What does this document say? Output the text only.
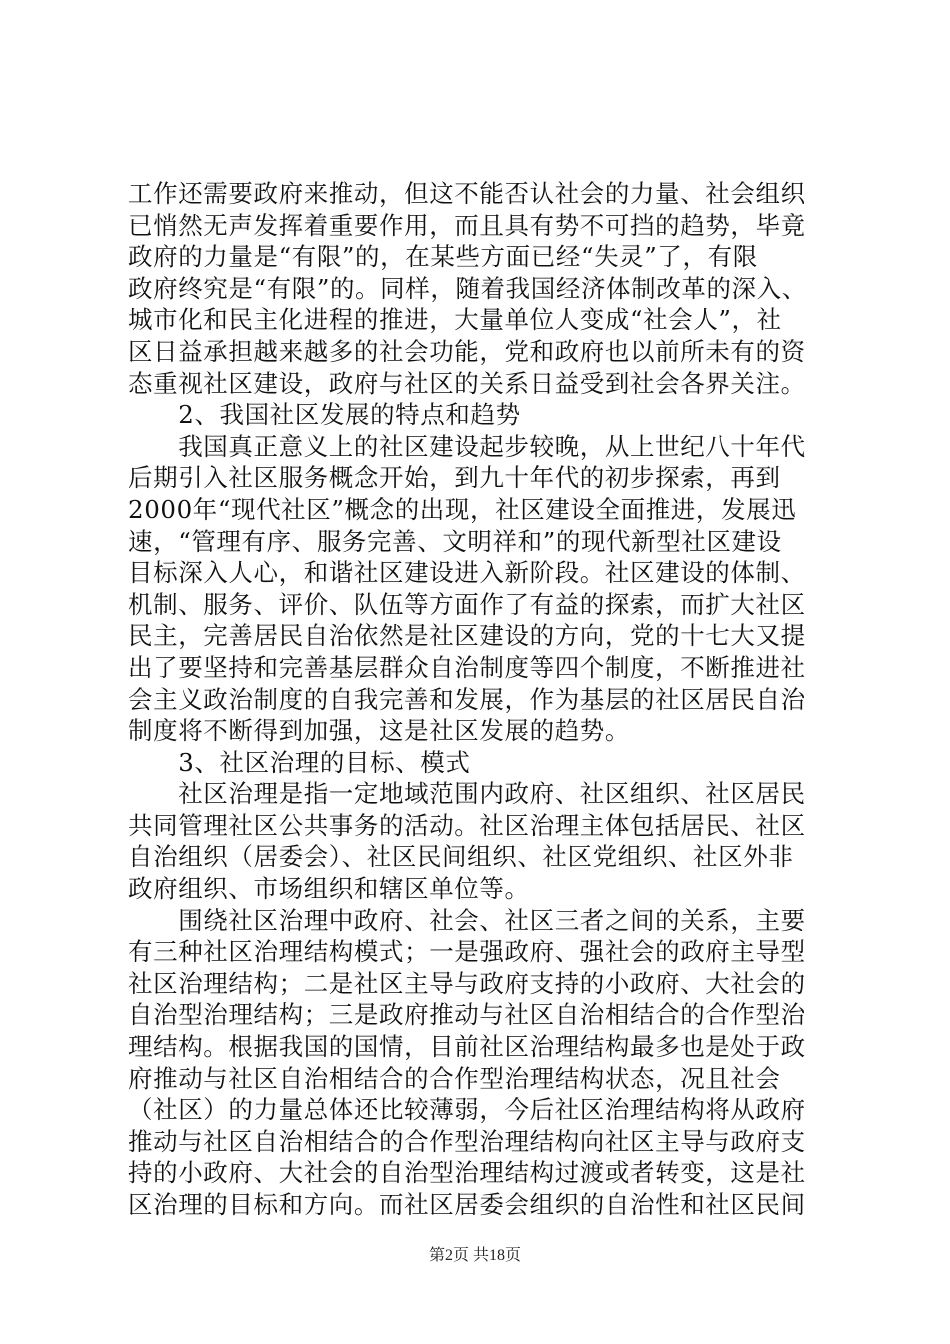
工作还需要政府来推动，但这不能否认社会的力量、社会组织
已悄然无声发挥着重要作用，而且具有势不可挡的趋势，毕竟
政府的力量是“有限”的，在某些方面已经“失灵”了，有限
政府终究是“有限”的。同样，随着我国经济体制改革的深入、
城市化和民主化进程的推进，大量单位人变成“社会人”，社
区日益承担越来越多的社会功能，党和政府也以前所未有的资
态重视社区建设，政府与社区的关系日益受到社会各界关注。
　　2、我国社区发展的特点和趋势
　　我国真正意义上的社区建设起步较晚，从上世纪八十年代
后期引入社区服务概念开始，到九十年代的初步探索，再到
2000年“现代社区”概念的出现，社区建设全面推进，发展迅
速，“管理有序、服务完善、文明祥和”的现代新型社区建设
目标深入人心，和谐社区建设进入新阶段。社区建设的体制、
机制、服务、评价、队伍等方面作了有益的探索，而扩大社区
民主，完善居民自治依然是社区建设的方向，党的十七大又提
出了要坚持和完善基层群众自治制度等四个制度，不断推进社
会主义政治制度的自我完善和发展，作为基层的社区居民自治
制度将不断得到加强，这是社区发展的趋势。
　　3、社区治理的目标、模式
　　社区治理是指一定地域范围内政府、社区组织、社区居民
共同管理社区公共事务的活动。社区治理主体包括居民、社区
自治组织（居委会）、社区民间组织、社区党组织、社区外非
政府组织、市场组织和辖区单位等。
　　围绕社区治理中政府、社会、社区三者之间的关系，主要
有三种社区治理结构模式；一是强政府、强社会的政府主导型
社区治理结构；二是社区主导与政府支持的小政府、大社会的
自治型治理结构；三是政府推动与社区自治相结合的合作型治
理结构。根据我国的国情，目前社区治理结构最多也是处于政
府推动与社区自治相结合的合作型治理结构状态，况且社会
（社区）的力量总体还比较薄弱，今后社区治理结构将从政府
推动与社区自治相结合的合作型治理结构向社区主导与政府支
持的小政府、大社会的自治型治理结构过渡或者转变，这是社
区治理的目标和方向。而社区居委会组织的自治性和社区民间
第2页 共18页
